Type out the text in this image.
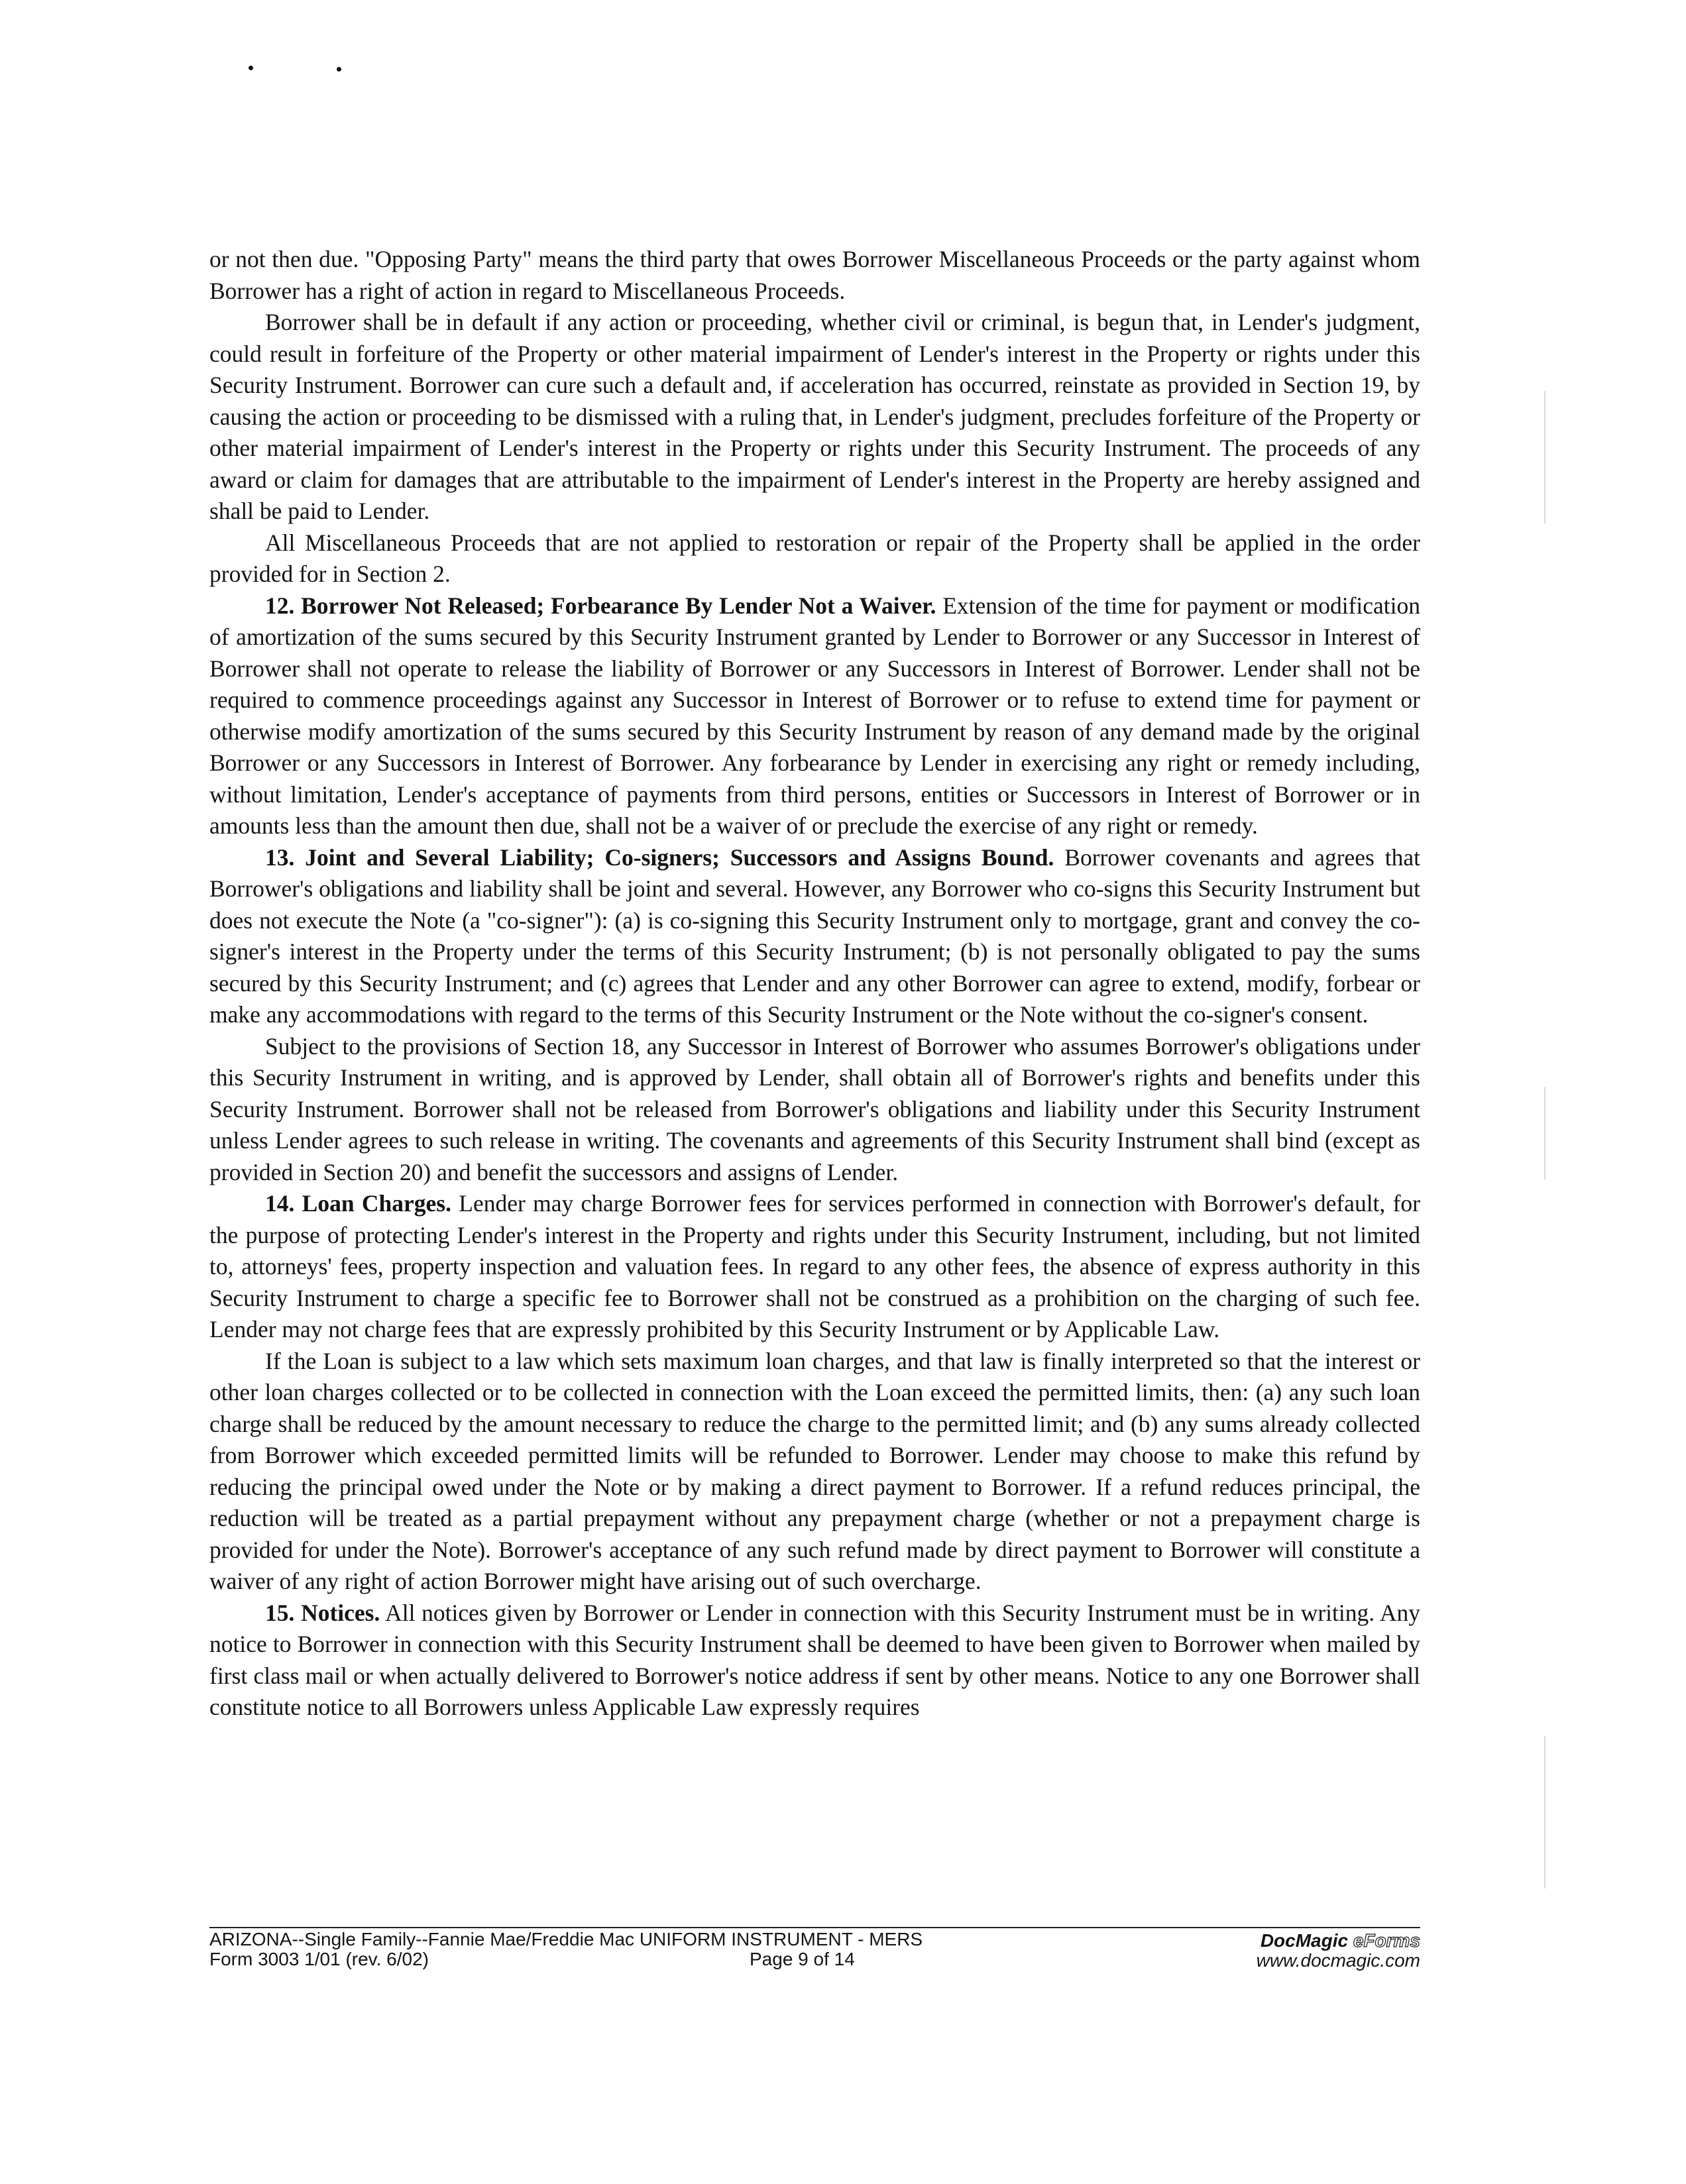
or not then due. "Opposing Party" means the third party that owes Borrower Miscellaneous Proceeds or the party against whom Borrower has a right of action in regard to Miscellaneous Proceeds.

Borrower shall be in default if any action or proceeding, whether civil or criminal, is begun that, in Lender's judgment, could result in forfeiture of the Property or other material impairment of Lender's interest in the Property or rights under this Security Instrument. Borrower can cure such a default and, if acceleration has occurred, reinstate as provided in Section 19, by causing the action or proceeding to be dismissed with a ruling that, in Lender's judgment, precludes forfeiture of the Property or other material impairment of Lender's interest in the Property or rights under this Security Instrument. The proceeds of any award or claim for damages that are attributable to the impairment of Lender's interest in the Property are hereby assigned and shall be paid to Lender.

All Miscellaneous Proceeds that are not applied to restoration or repair of the Property shall be applied in the order provided for in Section 2.

12. Borrower Not Released; Forbearance By Lender Not a Waiver. Extension of the time for payment or modification of amortization of the sums secured by this Security Instrument granted by Lender to Borrower or any Successor in Interest of Borrower shall not operate to release the liability of Borrower or any Successors in Interest of Borrower. Lender shall not be required to commence proceedings against any Successor in Interest of Borrower or to refuse to extend time for payment or otherwise modify amortization of the sums secured by this Security Instrument by reason of any demand made by the original Borrower or any Successors in Interest of Borrower. Any forbearance by Lender in exercising any right or remedy including, without limitation, Lender's acceptance of payments from third persons, entities or Successors in Interest of Borrower or in amounts less than the amount then due, shall not be a waiver of or preclude the exercise of any right or remedy.

13. Joint and Several Liability; Co-signers; Successors and Assigns Bound. Borrower covenants and agrees that Borrower's obligations and liability shall be joint and several. However, any Borrower who co-signs this Security Instrument but does not execute the Note (a "co-signer"): (a) is co-signing this Security Instrument only to mortgage, grant and convey the co-signer's interest in the Property under the terms of this Security Instrument; (b) is not personally obligated to pay the sums secured by this Security Instrument; and (c) agrees that Lender and any other Borrower can agree to extend, modify, forbear or make any accommodations with regard to the terms of this Security Instrument or the Note without the co-signer's consent.

Subject to the provisions of Section 18, any Successor in Interest of Borrower who assumes Borrower's obligations under this Security Instrument in writing, and is approved by Lender, shall obtain all of Borrower's rights and benefits under this Security Instrument. Borrower shall not be released from Borrower's obligations and liability under this Security Instrument unless Lender agrees to such release in writing. The covenants and agreements of this Security Instrument shall bind (except as provided in Section 20) and benefit the successors and assigns of Lender.

14. Loan Charges. Lender may charge Borrower fees for services performed in connection with Borrower's default, for the purpose of protecting Lender's interest in the Property and rights under this Security Instrument, including, but not limited to, attorneys' fees, property inspection and valuation fees. In regard to any other fees, the absence of express authority in this Security Instrument to charge a specific fee to Borrower shall not be construed as a prohibition on the charging of such fee. Lender may not charge fees that are expressly prohibited by this Security Instrument or by Applicable Law.

If the Loan is subject to a law which sets maximum loan charges, and that law is finally interpreted so that the interest or other loan charges collected or to be collected in connection with the Loan exceed the permitted limits, then: (a) any such loan charge shall be reduced by the amount necessary to reduce the charge to the permitted limit; and (b) any sums already collected from Borrower which exceeded permitted limits will be refunded to Borrower. Lender may choose to make this refund by reducing the principal owed under the Note or by making a direct payment to Borrower. If a refund reduces principal, the reduction will be treated as a partial prepayment without any prepayment charge (whether or not a prepayment charge is provided for under the Note). Borrower's acceptance of any such refund made by direct payment to Borrower will constitute a waiver of any right of action Borrower might have arising out of such overcharge.

15. Notices. All notices given by Borrower or Lender in connection with this Security Instrument must be in writing. Any notice to Borrower in connection with this Security Instrument shall be deemed to have been given to Borrower when mailed by first class mail or when actually delivered to Borrower's notice address if sent by other means. Notice to any one Borrower shall constitute notice to all Borrowers unless Applicable Law expressly requires

ARIZONA--Single Family--Fannie Mae/Freddie Mac UNIFORM INSTRUMENT - MERS
Form 3003 1/01 (rev. 6/02)	Page 9 of 14
DocMagic eForms
www.docmagic.com
